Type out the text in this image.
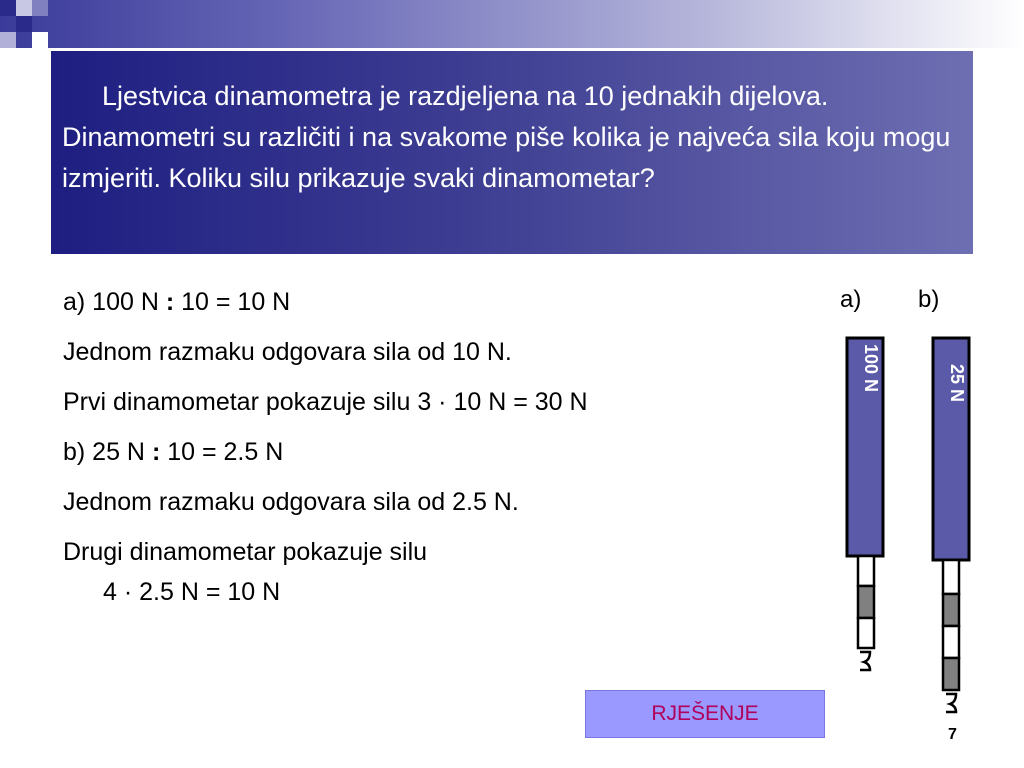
Ljestvica dinamometra je razdjeljena na 10 jednakih dijelova. Dinamometri su različiti i na svakome piše kolika je najveća sila koju mogu izmjeriti. Koliku silu prikazuje svaki dinamometar?

a) 100 N : 10 = 10 N
Jednom razmaku odgovara sila od 10 N.
Prvi dinamometar pokazuje silu 3 · 10 N = 30 N
b) 25 N : 10 = 2.5 N
Jednom razmaku odgovara sila od 2.5 N.
Drugi dinamometar pokazuje silu
4 · 2.5 N = 10 N
a) b)
100 N	25 N
RJEŠENJE
7
